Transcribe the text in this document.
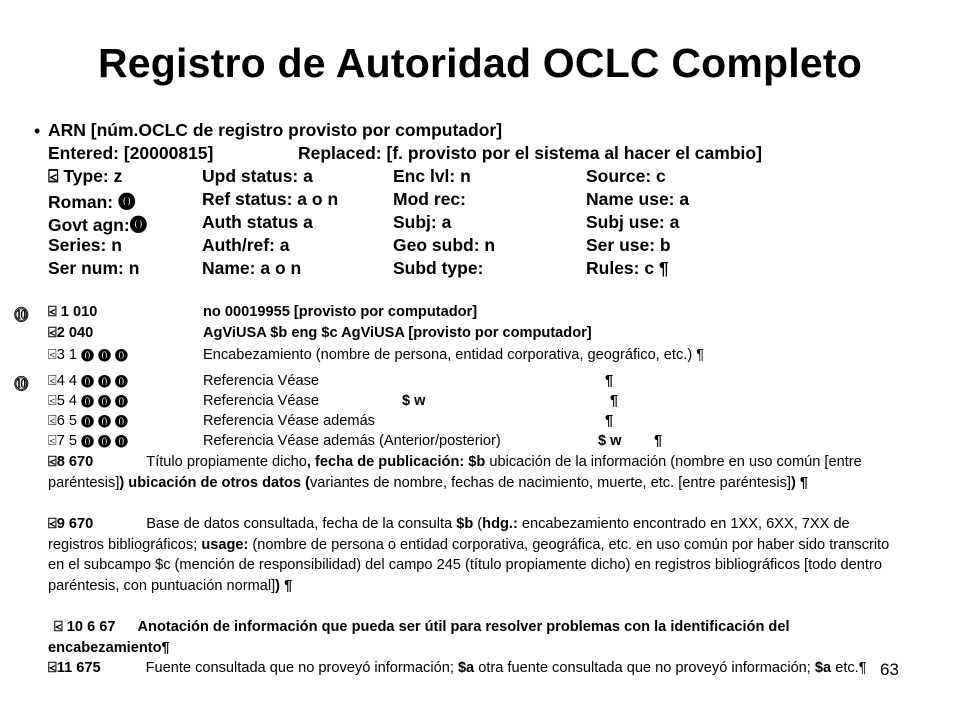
Registro de Autoridad OCLC Completo
• ARN [núm.OCLC de registro provisto por computador]
Entered: [20000815]	Replaced: [f. provisto por el sistema al hacer el cambio]
⍃ Type: z	Upd status: a	Enc lvl: n	Source: c
Roman: ⓿	Ref status: a o n	Mod rec:	Name use: a
Govt agn:⓿	Auth status a	Subj: a	Subj use: a
Series: n	Auth/ref: a	Geo subd: n	Ser use: b
Ser num: n	Name: a o n	Subd type:	Rules: c ¶
⓾ ⍃ 1 010	no 00019955 [provisto por computador]
⍃2 040	AgViUSA $b eng $c AgViUSA [provisto por computador]
⍃3 1 ⓿ ⓿ ⓿	Encabezamiento (nombre de persona, entidad corporativa, geográfico, etc.) ¶
⓾ ⍃4 4 ⓿ ⓿ ⓿	Referencia Véase	¶
⍃5 4 ⓿ ⓿ ⓿	Referencia Véase	$ w	¶
⍃6 5 ⓿ ⓿ ⓿	Referencia Véase además	¶
⍃7 5 ⓿ ⓿ ⓿	Referencia Véase además (Anterior/posterior)	$ w ¶
⍃8 670	Título propiamente dicho, fecha de publicación: $b ubicación de la información (nombre en uso común [entre paréntesis]) ubicación de otros datos (variantes de nombre, fechas de nacimiento, muerte, etc. [entre paréntesis]) ¶
⍃9 670	Base de datos consultada, fecha de la consulta $b (hdg.: encabezamiento encontrado en 1XX, 6XX, 7XX de registros bibliográficos; usage: (nombre de persona o entidad corporativa, geográfica, etc. en uso común por haber sido transcrito en el subcampo $c (mención de responsibilidad) del campo 245 (título propiamente dicho) en registros bibliográficos [todo dentro paréntesis, con puntuación normal]) ¶
⍃ 10 6 67 Anotación de información que pueda ser útil para resolver problemas con la identificación del encabezamiento¶
⍃11 675	Fuente consultada que no proveyó información; $a otra fuente consultada que no proveyó información; $a etc.¶ 63
